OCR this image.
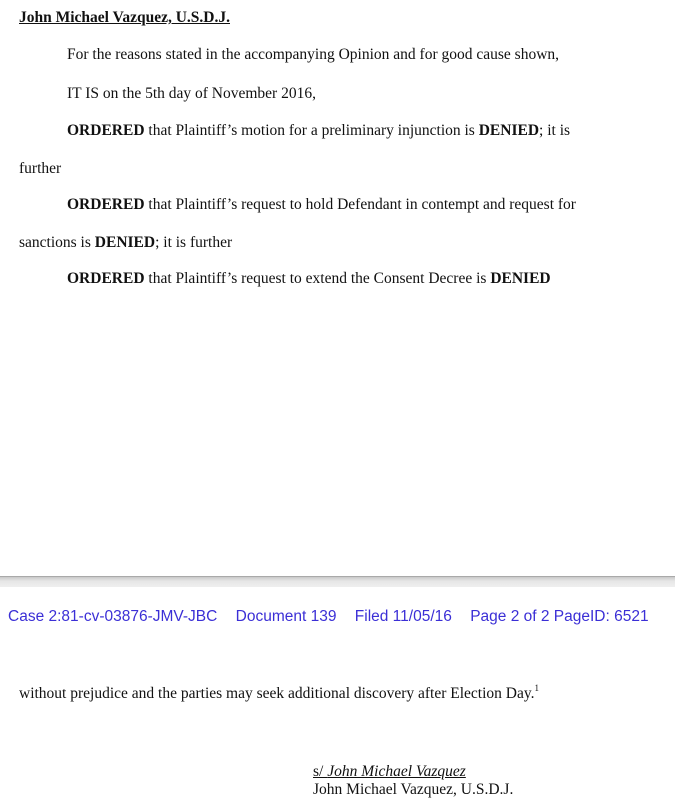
John Michael Vazquez, U.S.D.J.
For the reasons stated in the accompanying Opinion and for good cause shown,
IT IS on the 5th day of November 2016,
ORDERED that Plaintiff’s motion for a preliminary injunction is DENIED; it is
further
ORDERED that Plaintiff’s request to hold Defendant in contempt and request for
sanctions is DENIED; it is further
ORDERED that Plaintiff’s request to extend the Consent Decree is DENIED
Case 2:81-cv-03876-JMV-JBC Document 139 Filed 11/05/16 Page 2 of 2 PageID: 6521
without prejudice and the parties may seek additional discovery after Election Day.$^1$
s/ John Michael Vazquez
John Michael Vazquez, U.S.D.J.
